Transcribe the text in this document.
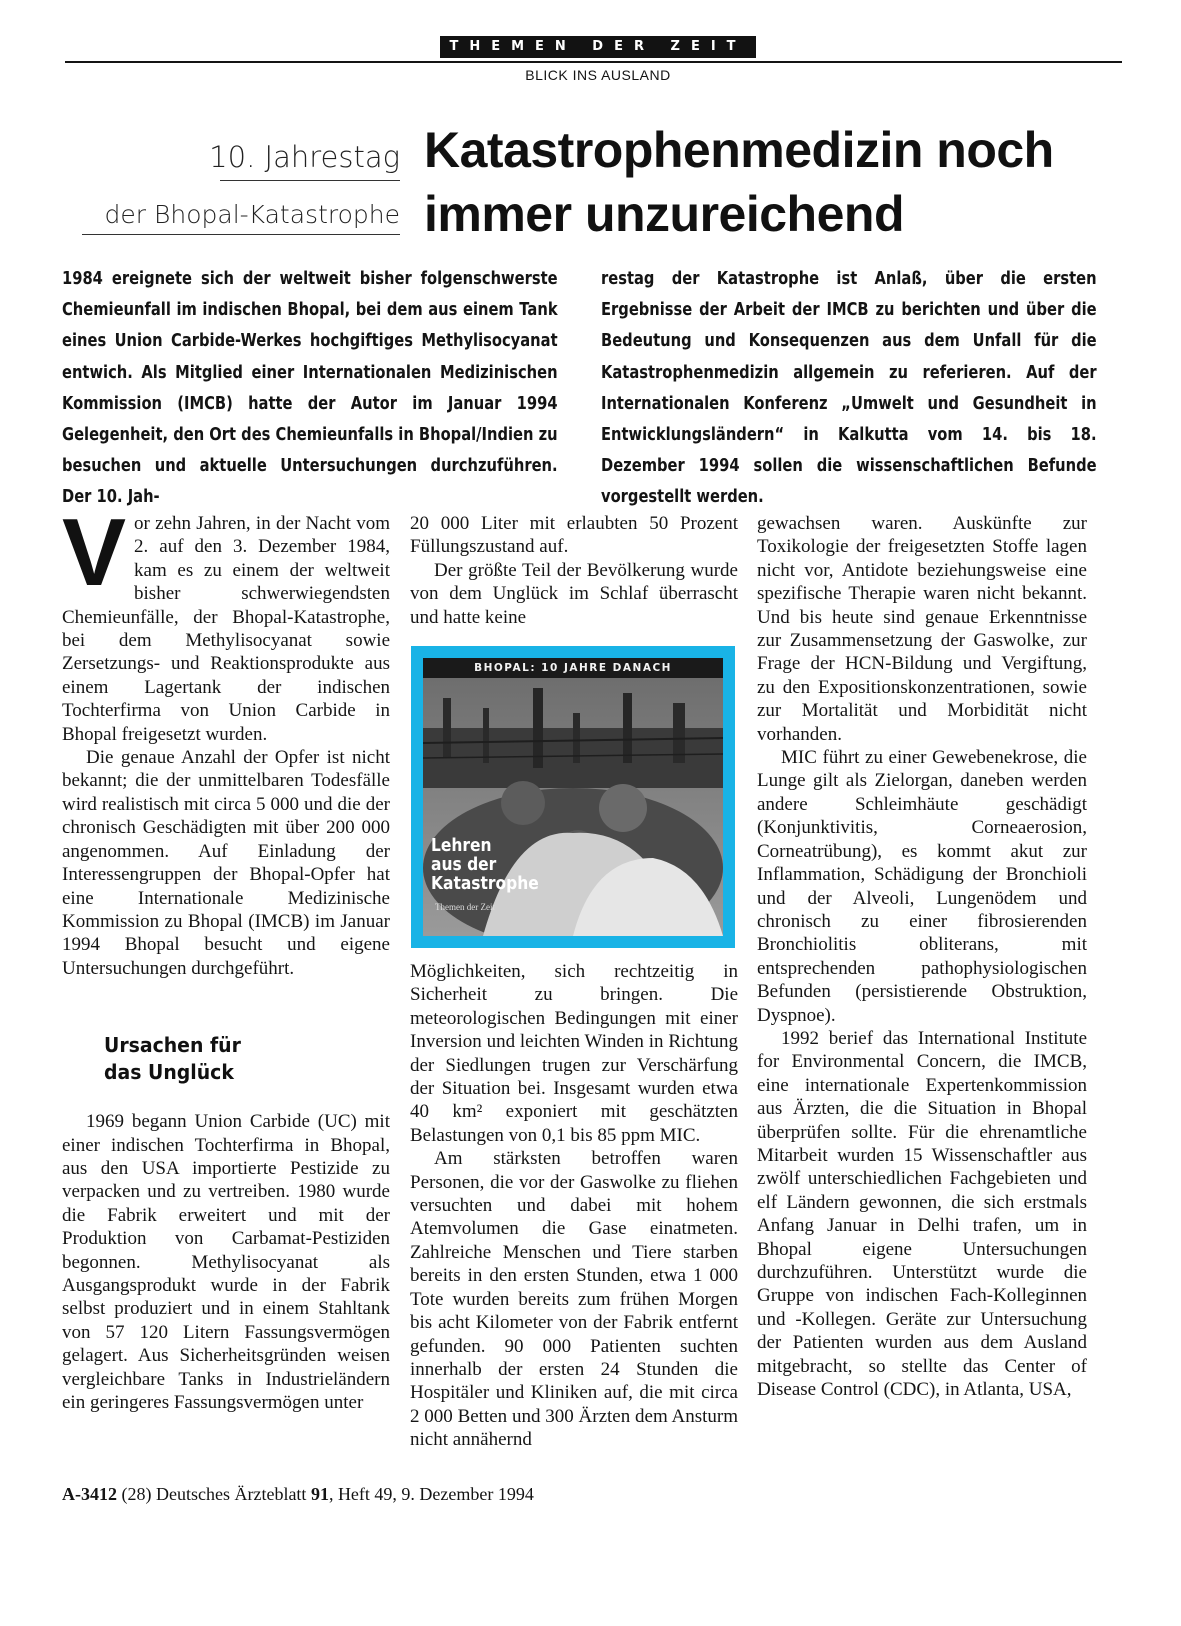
THEMEN DER ZEIT
BLICK INS AUSLAND
10. Jahrestag
der Bhopal-Katastrophe
Katastrophenmedizin noch
immer unzureichend
1984 ereignete sich der weltweit bisher folgenschwerste Chemieunfall im indischen Bhopal, bei dem aus einem Tank eines Union Carbide-Werkes hochgiftiges Methylisocyanat entwich. Als Mitglied einer Internationalen Medizinischen Kommission (IMCB) hatte der Autor im Januar 1994 Gelegenheit, den Ort des Chemieunfalls in Bhopal/Indien zu besuchen und aktuelle Untersuchungen durchzuführen. Der 10. Jah-
restag der Katastrophe ist Anlaß, über die ersten Ergebnisse der Arbeit der IMCB zu berichten und über die Bedeutung und Konsequenzen aus dem Unfall für die Katastrophenmedizin allgemein zu referieren. Auf der Internationalen Konferenz „Umwelt und Gesundheit in Entwicklungsländern“ in Kalkutta vom 14. bis 18. Dezember 1994 sollen die wissenschaftlichen Befunde vorgestellt werden.

Vor zehn Jahren, in der Nacht vom 2. auf den 3. Dezember 1984, kam es zu einem der weltweit bisher schwerwiegendsten Chemieunfälle, der Bhopal-Katastrophe, bei dem Methylisocyanat sowie Zersetzungs- und Reaktionsprodukte aus einem Lagertank der indischen Tochterfirma von Union Carbide in Bhopal freigesetzt wurden.

Die genaue Anzahl der Opfer ist nicht bekannt; die der unmittelbaren Todesfälle wird realistisch mit circa 5 000 und die der chronisch Geschädigten mit über 200 000 angenommen. Auf Einladung der Interessengruppen der Bhopal-Opfer hat eine Internationale Medizinische Kommission zu Bhopal (IMCB) im Januar 1994 Bhopal besucht und eigene Untersuchungen durchgeführt.

Ursachen für
das Unglück

1969 begann Union Carbide (UC) mit einer indischen Tochterfirma in Bhopal, aus den USA importierte Pestizide zu verpacken und zu vertreiben. 1980 wurde die Fabrik erweitert und mit der Produktion von Carbamat-Pestiziden begonnen. Methylisocyanat als Ausgangsprodukt wurde in der Fabrik selbst produziert und in einem Stahltank von 57 120 Litern Fassungsvermögen gelagert. Aus Sicherheitsgründen weisen vergleichbare Tanks in Industrieländern ein geringeres Fassungsvermögen unter

20 000 Liter mit erlaubten 50 Prozent Füllungszustand auf.

Der größte Teil der Bevölkerung wurde von dem Unglück im Schlaf überrascht und hatte keine

BHOPAL: 10 JAHRE DANACH
Lehren
aus der
Katastrophe
Themen der Zeit

Möglichkeiten, sich rechtzeitig in Sicherheit zu bringen. Die meteorologischen Bedingungen mit einer Inversion und leichten Winden in Richtung der Siedlungen trugen zur Verschärfung der Situation bei. Insgesamt wurden etwa 40 km² exponiert mit geschätzten Belastungen von 0,1 bis 85 ppm MIC.

Am stärksten betroffen waren Personen, die vor der Gaswolke zu fliehen versuchten und dabei mit hohem Atemvolumen die Gase einatmeten. Zahlreiche Menschen und Tiere starben bereits in den ersten Stunden, etwa 1 000 Tote wurden bereits zum frühen Morgen bis acht Kilometer von der Fabrik entfernt gefunden. 90 000 Patienten suchten innerhalb der ersten 24 Stunden die Hospitäler und Kliniken auf, die mit circa 2 000 Betten und 300 Ärzten dem Ansturm nicht annähernd

gewachsen waren. Auskünfte zur Toxikologie der freigesetzten Stoffe lagen nicht vor, Antidote beziehungsweise eine spezifische Therapie waren nicht bekannt. Und bis heute sind genaue Erkenntnisse zur Zusammensetzung der Gaswolke, zur Frage der HCN-Bildung und Vergiftung, zu den Expositionskonzentrationen, sowie zur Mortalität und Morbidität nicht vorhanden.

MIC führt zu einer Gewebenekrose, die Lunge gilt als Zielorgan, daneben werden andere Schleimhäute geschädigt (Konjunktivitis, Corneaerosion, Corneatrübung), es kommt akut zur Inflammation, Schädigung der Bronchioli und der Alveoli, Lungenödem und chronisch zu einer fibrosierenden Bronchiolitis obliterans, mit entsprechenden pathophysiologischen Befunden (persistierende Obstruktion, Dyspnoe).

1992 berief das International Institute for Environmental Concern, die IMCB, eine internationale Expertenkommission aus Ärzten, die die Situation in Bhopal überprüfen sollte. Für die ehrenamtliche Mitarbeit wurden 15 Wissenschaftler aus zwölf unterschiedlichen Fachgebieten und elf Ländern gewonnen, die sich erstmals Anfang Januar in Delhi trafen, um in Bhopal eigene Untersuchungen durchzuführen. Unterstützt wurde die Gruppe von indischen Fach-Kolleginnen und -Kollegen. Geräte zur Untersuchung der Patienten wurden aus dem Ausland mitgebracht, so stellte das Center of Disease Control (CDC), in Atlanta, USA,

A-3412 (28) Deutsches Ärzteblatt 91, Heft 49, 9. Dezember 1994
